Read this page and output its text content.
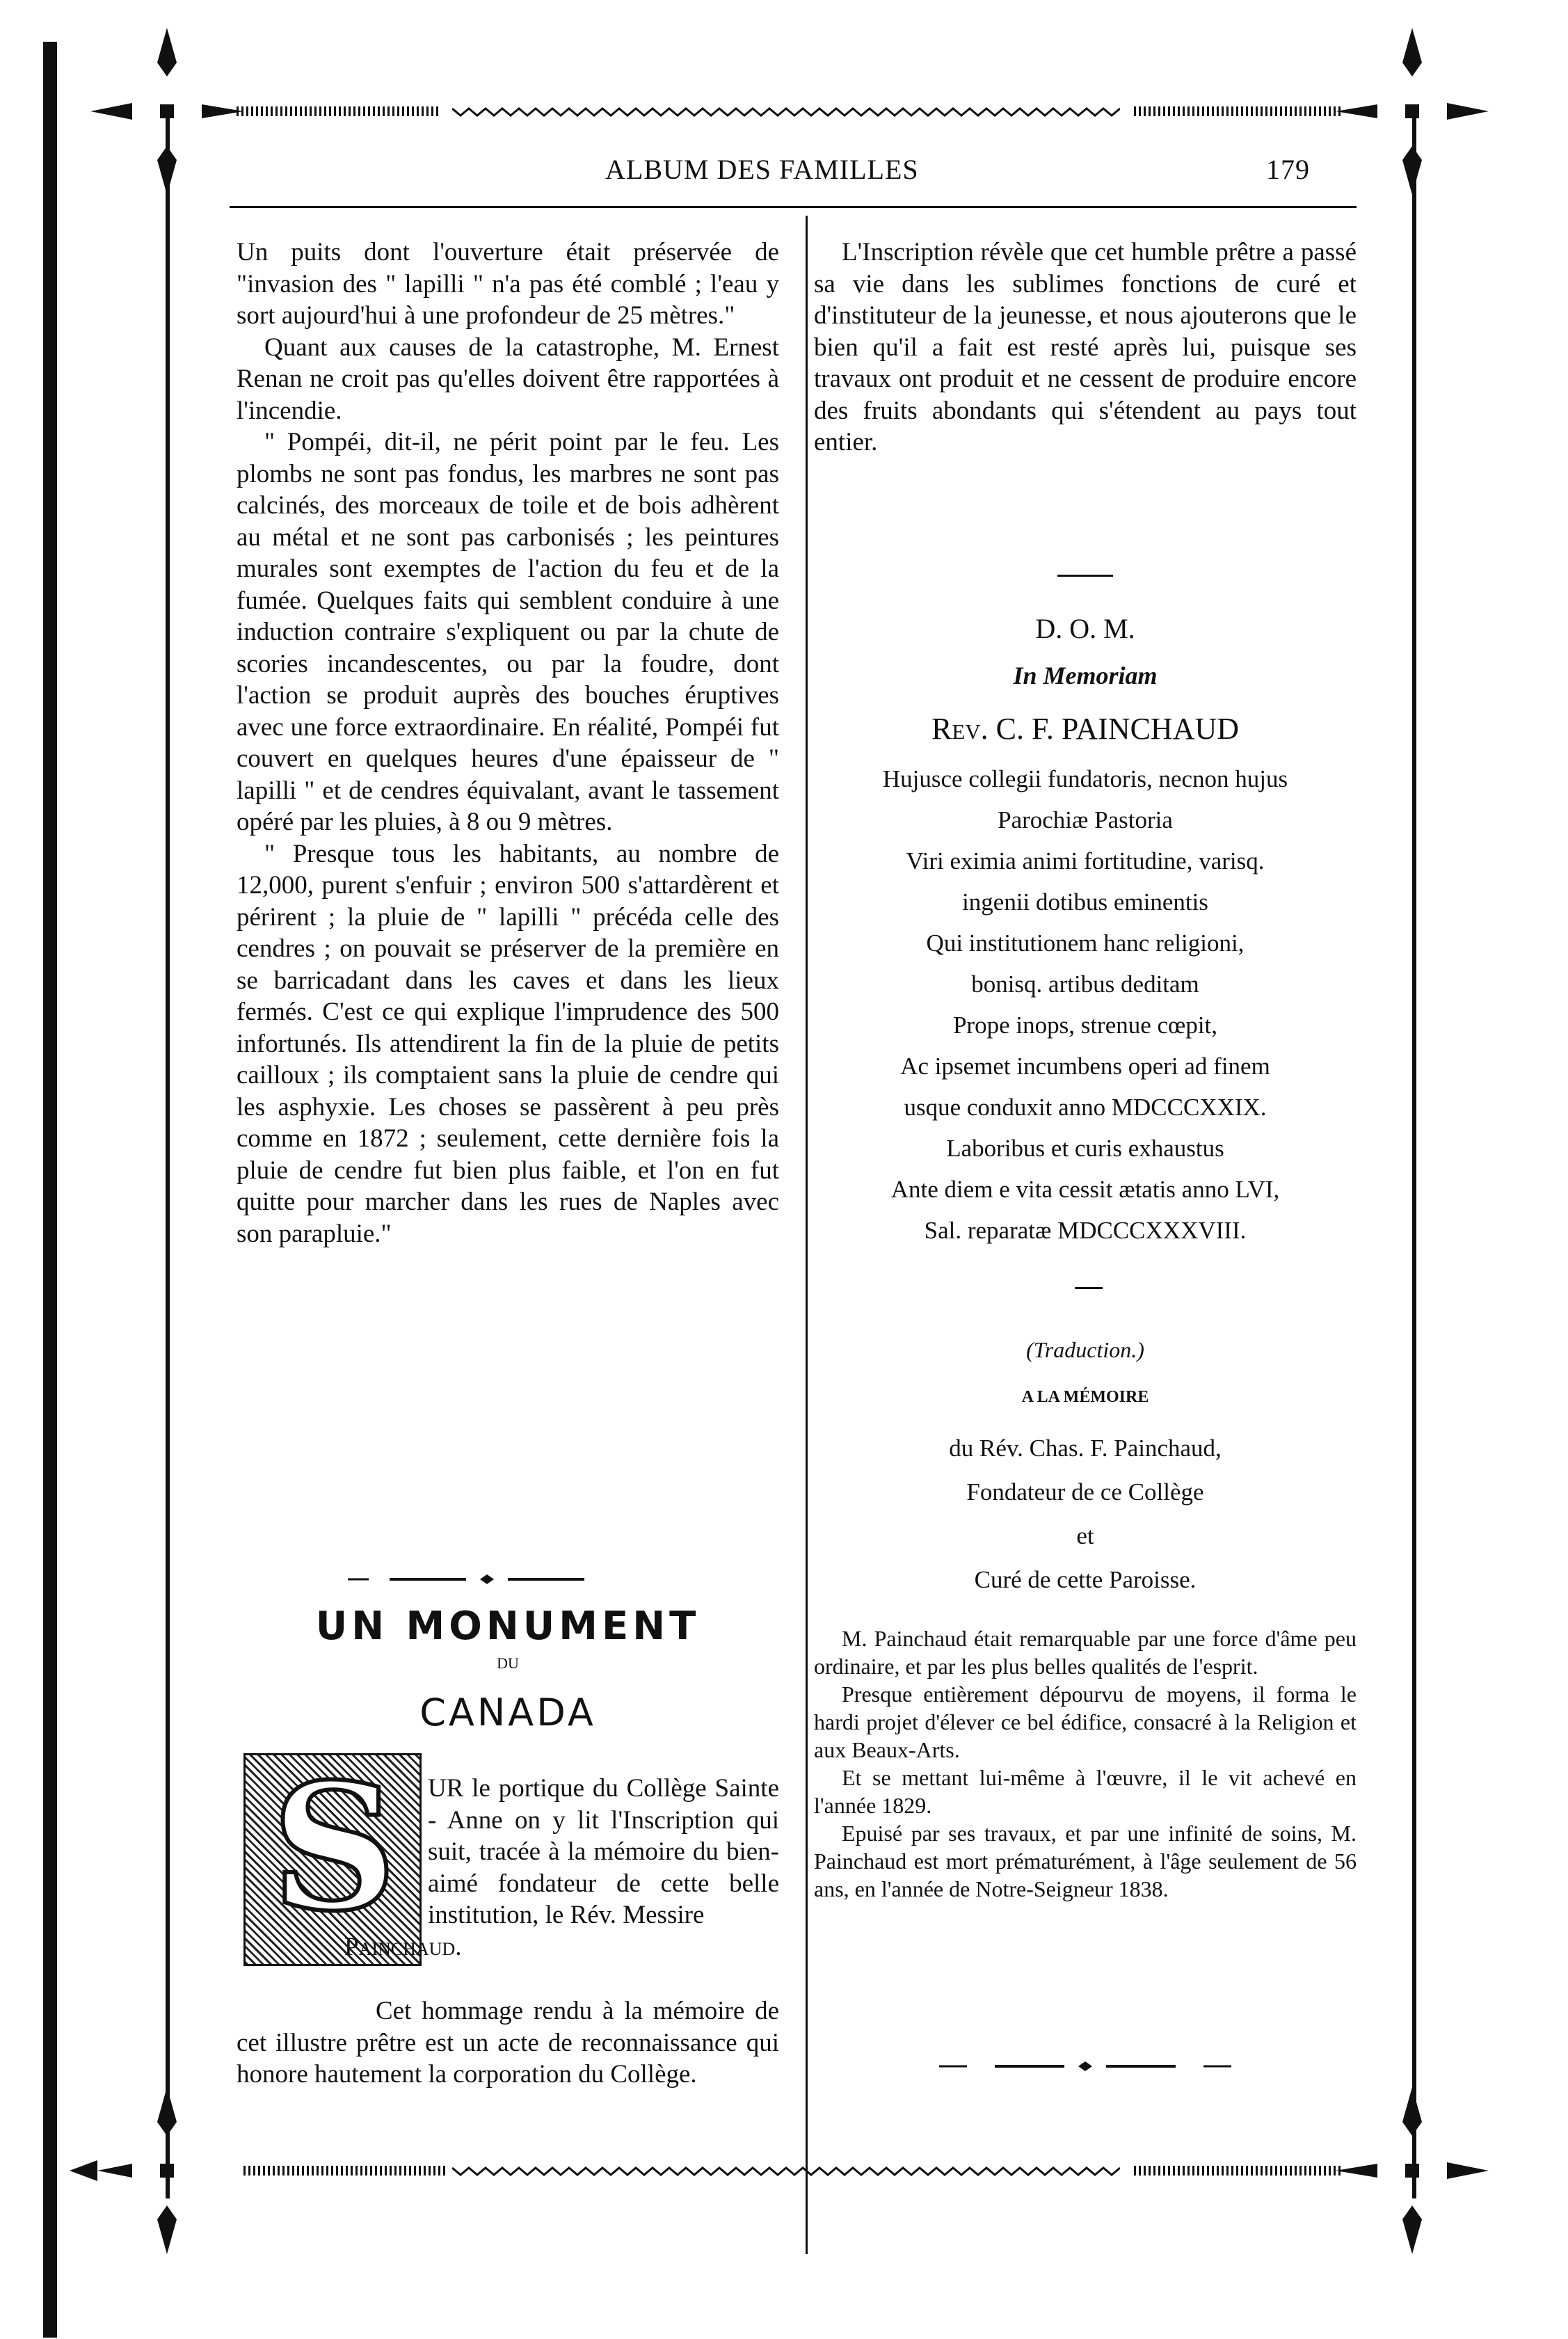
ALBUM DES FAMILLES	179

Un puits dont l'ouverture était préservée de "invasion des " lapilli " n'a pas été comblé ; l'eau y sort aujourd'hui à une profondeur de 25 mètres."

Quant aux causes de la catastrophe, M. Ernest Renan ne croit pas qu'elles doivent être rapportées à l'incendie.

" Pompéi, dit-il, ne périt point par le feu. Les plombs ne sont pas fondus, les marbres ne sont pas calcinés, des morceaux de toile et de bois adhèrent au métal et ne sont pas carbonisés ; les peintures murales sont exemptes de l'action du feu et de la fumée. Quelques faits qui semblent conduire à une induction contraire s'expliquent ou par la chute de scories incandescentes, ou par la foudre, dont l'action se produit auprès des bouches éruptives avec une force extraordinaire. En réalité, Pompéi fut couvert en quelques heures d'une épaisseur de " lapilli " et de cendres équivalant, avant le tassement opéré par les pluies, à 8 ou 9 mètres.

" Presque tous les habitants, au nombre de 12,000, purent s'enfuir ; environ 500 s'attardèrent et périrent ; la pluie de " lapilli " précéda celle des cendres ; on pouvait se préserver de la première en se barricadant dans les caves et dans les lieux fermés. C'est ce qui explique l'imprudence des 500 infortunés. Ils attendirent la fin de la pluie de petits cailloux ; ils comptaient sans la pluie de cendre qui les asphyxie. Les choses se passèrent à peu près comme en 1872 ; seulement, cette dernière fois la pluie de cendre fut bien plus faible, et l'on en fut quitte pour marcher dans les rues de Naples avec son parapluie."

UN MONUMENT
DU
CANADA
S UR le portique du Collège Sainte - Anne on y lit l'Inscription qui suit, tracée à la mémoire du bien-aimé fondateur de cette belle institution, le Rév. Messire

Painchaud.

Cet hommage rendu à la mémoire de cet illustre prêtre est un acte de reconnaissance qui honore hautement la corporation du Collège.

L'Inscription révèle que cet humble prêtre a passé sa vie dans les sublimes fonctions de curé et d'instituteur de la jeunesse, et nous ajouterons que le bien qu'il a fait est resté après lui, puisque ses travaux ont produit et ne cessent de produire encore des fruits abondants qui s'étendent au pays tout entier.

D. O. M.
In Memoriam
Rev. C. F. PAINCHAUD

Hujusce collegii fundatoris, necnon hujus

Parochiæ Pastoria

Viri eximia animi fortitudine, varisq.

ingenii dotibus eminentis

Qui institutionem hanc religioni,

bonisq. artibus deditam

Prope inops, strenue cœpit,

Ac ipsemet incumbens operi ad finem

usque conduxit anno MDCCCXXIX.

Laboribus et curis exhaustus

Ante diem e vita cessit ætatis anno LVI,

Sal. reparatæ MDCCCXXXVIII.

(Traduction.)
A LA MÉMOIRE

du Rév. Chas. F. Painchaud,

Fondateur de ce Collège

et

Curé de cette Paroisse.

M. Painchaud était remarquable par une force d'âme peu ordinaire, et par les plus belles qualités de l'esprit.

Presque entièrement dépourvu de moyens, il forma le hardi projet d'élever ce bel édifice, consacré à la Religion et aux Beaux-Arts.

Et se mettant lui-même à l'œuvre, il le vit achevé en l'année 1829.

Epuisé par ses travaux, et par une infinité de soins, M. Painchaud est mort prématurément, à l'âge seulement de 56 ans, en l'année de Notre-Seigneur 1838.
